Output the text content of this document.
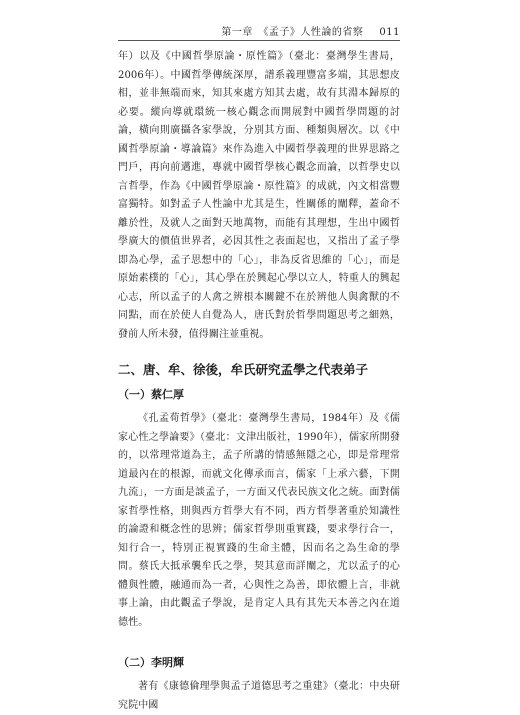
第一章　《孟子》人性論的省察 011

年）以及《中國哲學原論・原性篇》（臺北：臺灣學生書局，2006年）。中國哲學傳統深厚，譜系義理豐富多端，其思想皮相，並非無端而來，知其來處方知其去處，故有其淵本歸原的必要。縱向導就環統一核心觀念而開展對中國哲學問題的討論，橫向則廣攝各家學說，分別其方面、種類與層次。以《中國哲學原論・導論篇》來作為進入中國哲學義理的世界思路之門戶，再向前邁進，專就中國哲學核心觀念而論，以哲學史以言哲學，作為《中國哲學原論・原性篇》的成就，內文相當豐富獨特。如對孟子人性論中尤其是生，性關係的闡釋，蓋命不離於性，及就人之面對天地萬物，而能有其理想，生出中國哲學廣大的價值世界者，必因其性之表面起也，又指出了孟子學即為心學，孟子思想中的「心」，非為反省思維的「心」，而是原始素樸的「心」，其心學在於興起心學以立人，特重人的興起心志，所以孟子的人禽之辨根本關鍵不在於辨他人與禽獸的不同點，而在於使人自覺為人，唐氏對於哲學問題思考之細熟，發前人所未發，值得關注並重視。

二、唐、牟、徐後，牟氏研究孟學之代表弟子
（一）蔡仁厚

《孔孟荀哲學》（臺北：臺灣學生書局，1984年）及《儒家心性之學論要》（臺北：文津出版社，1990年），儒家所開發的，以常理常道為主，孟子所講的情感無隱之心，即是常理常道最內在的根源，而就文化傳承而言，儒家「上承六藝，下開九流」，一方面是談孟子，一方面又代表民族文化之統。面對儒家哲學性格，則與西方哲學大有不同，西方哲學著重於知識性的論證和概念性的思辨；儒家哲學則重實踐，要求學行合一，知行合一，特別正視實踐的生命主體，因而名之為生命的學問。蔡氏大抵承襲牟氏之學，契其意而詳闡之，尤以孟子的心體與性體，融通而為一者，心與性之為善，即依體上言，非就事上論，由此觀孟子學說，是肯定人具有其先天本善之內在道德性。

（二）李明輝

著有《康德倫理學與孟子道德思考之重建》（臺北：中央研究院中國
